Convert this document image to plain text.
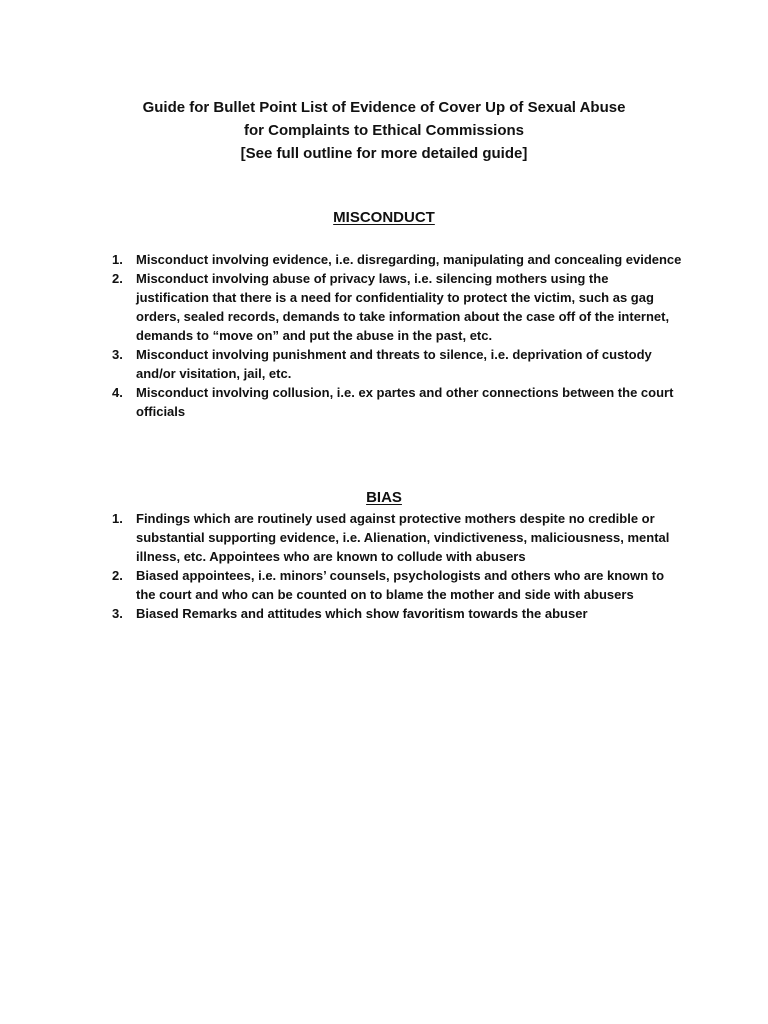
Guide for Bullet Point List of Evidence of Cover Up of Sexual Abuse
for Complaints to Ethical Commissions
[See full outline for more detailed guide]
MISCONDUCT
1.	Misconduct involving evidence, i.e. disregarding, manipulating and concealing evidence
2.	Misconduct involving abuse of privacy laws, i.e. silencing mothers using the justification that there is a need for confidentiality to protect the victim, such as gag orders, sealed records, demands to take information about the case off of the internet, demands to “move on” and put the abuse in the past, etc.
3.	Misconduct involving punishment and threats to silence, i.e. deprivation of custody and/or visitation, jail, etc.
4.	Misconduct involving collusion, i.e. ex partes and other connections between the court officials
BIAS
1.	Findings which are routinely used against protective mothers despite no credible or substantial supporting evidence, i.e. Alienation, vindictiveness, maliciousness, mental illness, etc. Appointees who are known to collude with abusers
2.	Biased appointees, i.e. minors’ counsels, psychologists and others who are known to the court and who can be counted on to blame the mother and side with abusers
3.	Biased Remarks and attitudes which show favoritism towards the abuser
